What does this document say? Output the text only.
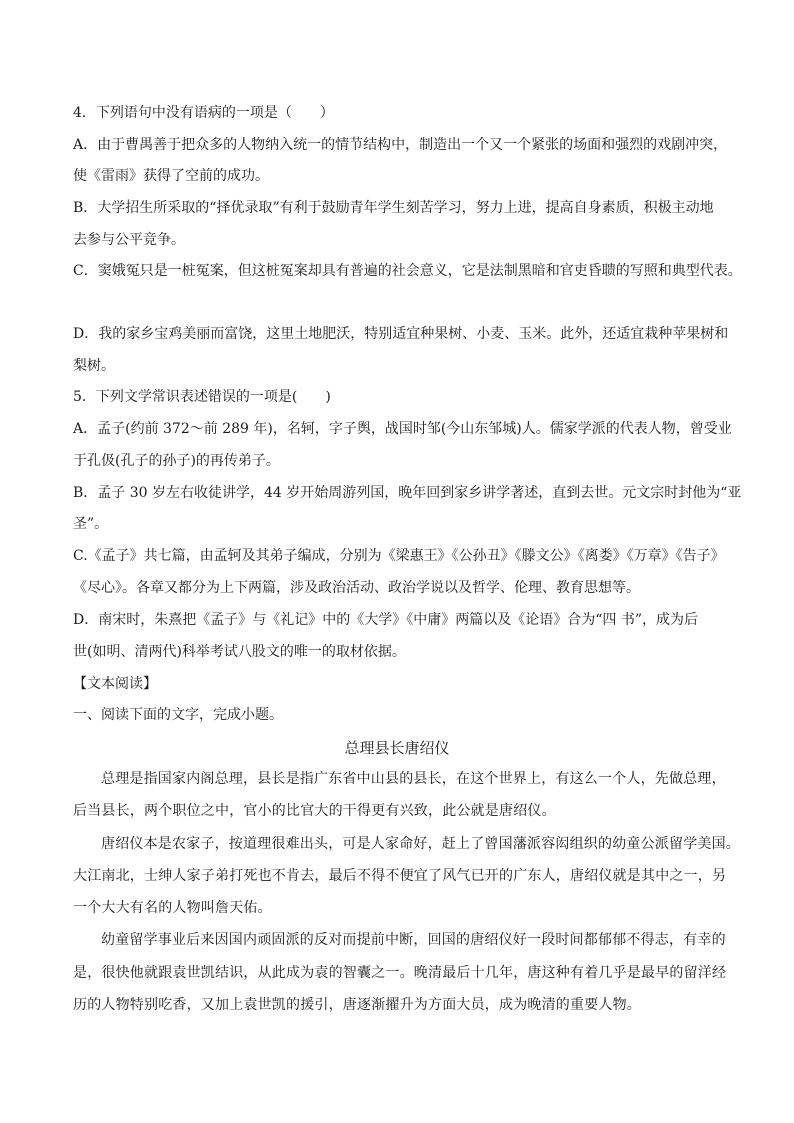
4．下列语句中没有语病的一项是（　　）
A．由于曹禺善于把众多的人物纳入统一的情节结构中，制造出一个又一个紧张的场面和强烈的戏剧冲突，
使《雷雨》获得了空前的成功。
B．大学招生所采取的“择优录取”有利于鼓励青年学生刻苦学习，努力上进，提高自身素质，积极主动地
去参与公平竞争。
C．窦娥冤只是一桩冤案，但这桩冤案却具有普遍的社会意义，它是法制黑暗和官吏昏聩的写照和典型代表。
D．我的家乡宝鸡美丽而富饶，这里土地肥沃，特别适宜种果树、小麦、玉米。此外，还适宜栽种苹果树和
梨树。
5．下列文学常识表述错误的一项是(　　)
A．孟子(约前 372～前 289 年)，名轲，字子舆，战国时邹(今山东邹城)人。儒家学派的代表人物，曾受业
于孔伋(孔子的孙子)的再传弟子。
B．孟子 30 岁左右收徒讲学，44 岁开始周游列国，晚年回到家乡讲学著述，直到去世。元文宗时封他为“亚
圣”。
C.《孟子》共七篇，由孟轲及其弟子编成，分别为《梁惠王》《公孙丑》《滕文公》《离娄》《万章》《告子》
《尽心》。各章又都分为上下两篇，涉及政治活动、政治学说以及哲学、伦理、教育思想等。
D．南宋时，朱熹把《孟子》与《礼记》中的《大学》《中庸》两篇以及《论语》合为“四 书”，成为后
世(如明、清两代)科举考试八股文的唯一的取材依据。
【文本阅读】
一、阅读下面的文字，完成小题。
总理县长唐绍仪
总理是指国家内阁总理，县长是指广东省中山县的县长，在这个世界上，有这么一个人，先做总理，
后当县长，两个职位之中，官小的比官大的干得更有兴致，此公就是唐绍仪。
唐绍仪本是农家子，按道理很难出头，可是人家命好，赶上了曾国藩派容闳组织的幼童公派留学美国。
大江南北，士绅人家子弟打死也不肯去，最后不得不便宜了风气已开的广东人，唐绍仪就是其中之一，另
一个大大有名的人物叫詹天佑。
幼童留学事业后来因国内顽固派的反对而提前中断，回国的唐绍仪好一段时间都郁郁不得志，有幸的
是，很快他就跟袁世凯结识，从此成为袁的智囊之一。晚清最后十几年，唐这种有着几乎是最早的留洋经
历的人物特别吃香，又加上袁世凯的援引，唐逐渐擢升为方面大员，成为晚清的重要人物。
